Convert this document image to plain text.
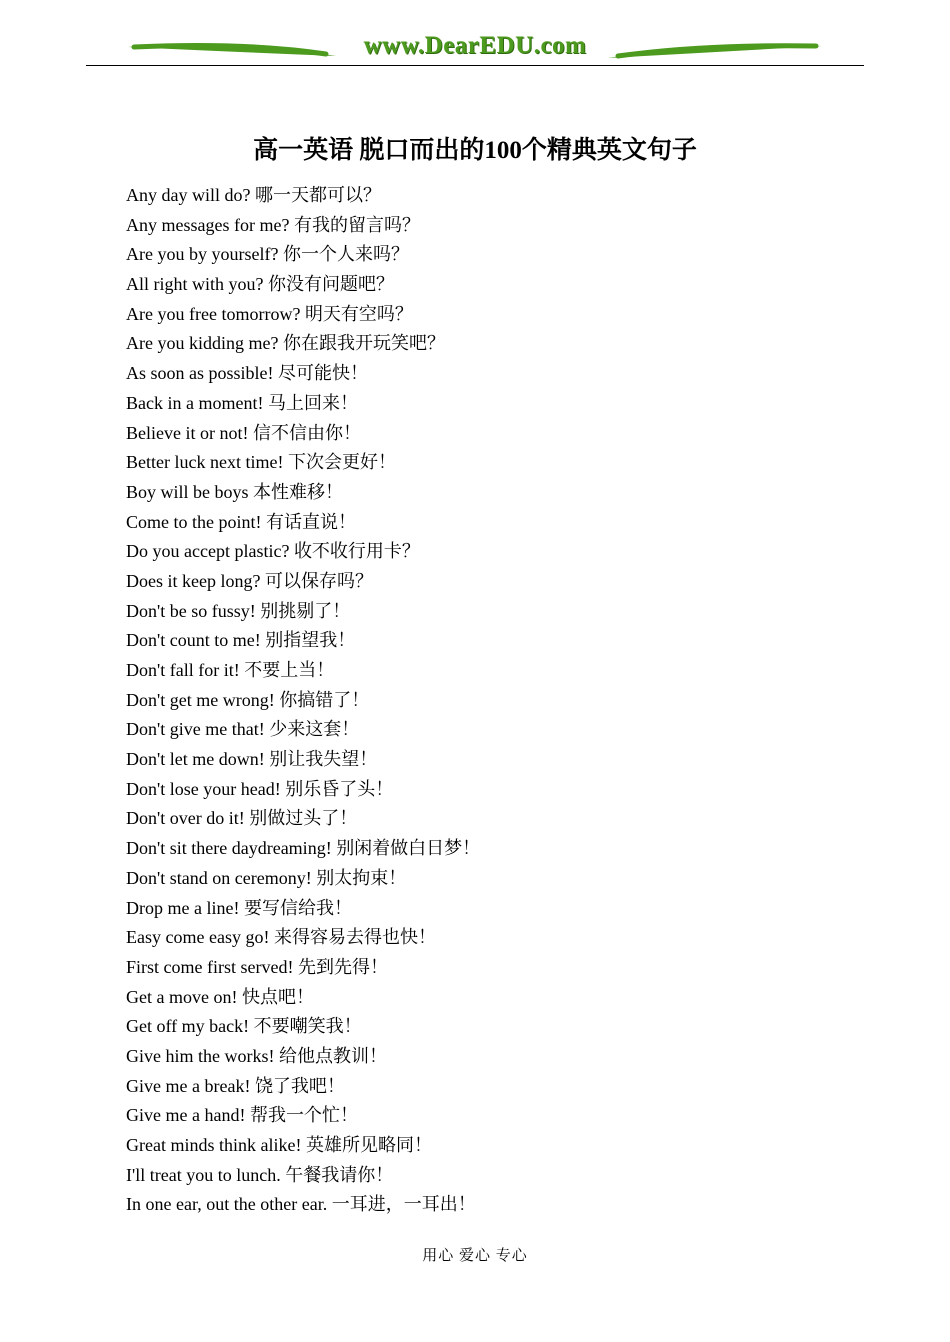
www.DearEDU.com
高一英语 脱口而出的100个精典英文句子
Any day will do? 哪一天都可以？
Any messages for me? 有我的留言吗？
Are you by yourself? 你一个人来吗？
All right with you? 你没有问题吧？
Are you free tomorrow? 明天有空吗？
Are you kidding me? 你在跟我开玩笑吧？
As soon as possible! 尽可能快！
Back in a moment! 马上回来！
Believe it or not! 信不信由你！
Better luck next time! 下次会更好！
Boy will be boys 本性难移！
Come to the point! 有话直说！
Do you accept plastic? 收不收行用卡？
Does it keep long? 可以保存吗？
Don't be so fussy! 别挑剔了！
Don't count to me! 别指望我！
Don't fall for it! 不要上当！
Don't get me wrong! 你搞错了！
Don't give me that! 少来这套！
Don't let me down! 别让我失望！
Don't lose your head! 别乐昏了头！
Don't over do it! 别做过头了！
Don't sit there daydreaming! 别闲着做白日梦！
Don't stand on ceremony! 别太拘束！
Drop me a line! 要写信给我！
Easy come easy go! 来得容易去得也快！
First come first served! 先到先得！
Get a move on! 快点吧！
Get off my back! 不要嘲笑我！
Give him the works! 给他点教训！
Give me a break! 饶了我吧！
Give me a hand! 帮我一个忙！
Great minds think alike! 英雄所见略同！
I'll treat you to lunch. 午餐我请你！
In one ear, out the other ear. 一耳进，一耳出！
用心 爱心 专心
